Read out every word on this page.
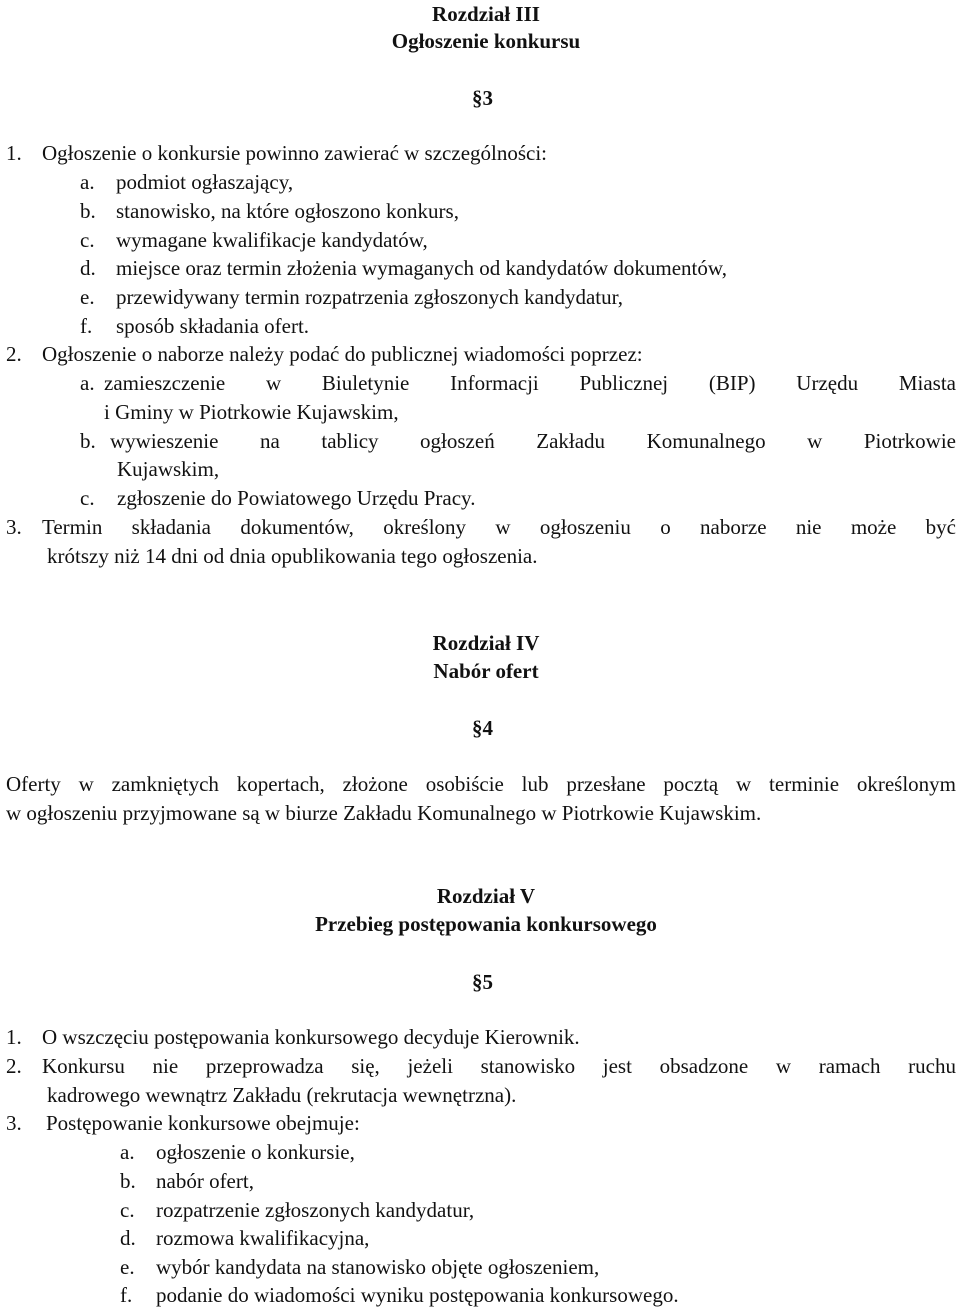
Rozdział III
Ogłoszenie konkursu
§3
1. Ogłoszenie o konkursie powinno zawierać w szczególności:
a. podmiot ogłaszający,
b. stanowisko, na które ogłoszono konkurs,
c. wymagane kwalifikacje kandydatów,
d. miejsce oraz termin złożenia wymaganych od kandydatów dokumentów,
e. przewidywany termin rozpatrzenia zgłoszonych kandydatur,
f. sposób składania ofert.
2. Ogłoszenie o naborze należy podać do publicznej wiadomości poprzez:
a. zamieszczenie w Biuletynie Informacji Publicznej (BIP) Urzędu Miasta
i Gminy w Piotrkowie Kujawskim,
b. wywieszenie na tablicy ogłoszeń Zakładu Komunalnego w Piotrkowie
Kujawskim,
c. zgłoszenie do Powiatowego Urzędu Pracy.
3. Termin składania dokumentów, określony w ogłoszeniu o naborze nie może być
krótszy niż 14 dni od dnia opublikowania tego ogłoszenia.
Rozdział IV
Nabór ofert
§4
Oferty w zamkniętych kopertach, złożone osobiście lub przesłane pocztą w terminie określonym
w ogłoszeniu przyjmowane są w biurze Zakładu Komunalnego w Piotrkowie Kujawskim.
Rozdział V
Przebieg postępowania konkursowego
§5
1. O wszczęciu postępowania konkursowego decyduje Kierownik.
2. Konkursu nie przeprowadza się, jeżeli stanowisko jest obsadzone w ramach ruchu
kadrowego wewnątrz Zakładu (rekrutacja wewnętrzna).
3. Postępowanie konkursowe obejmuje:
a. ogłoszenie o konkursie,
b. nabór ofert,
c. rozpatrzenie zgłoszonych kandydatur,
d. rozmowa kwalifikacyjna,
e. wybór kandydata na stanowisko objęte ogłoszeniem,
f. podanie do wiadomości wyniku postępowania konkursowego.
